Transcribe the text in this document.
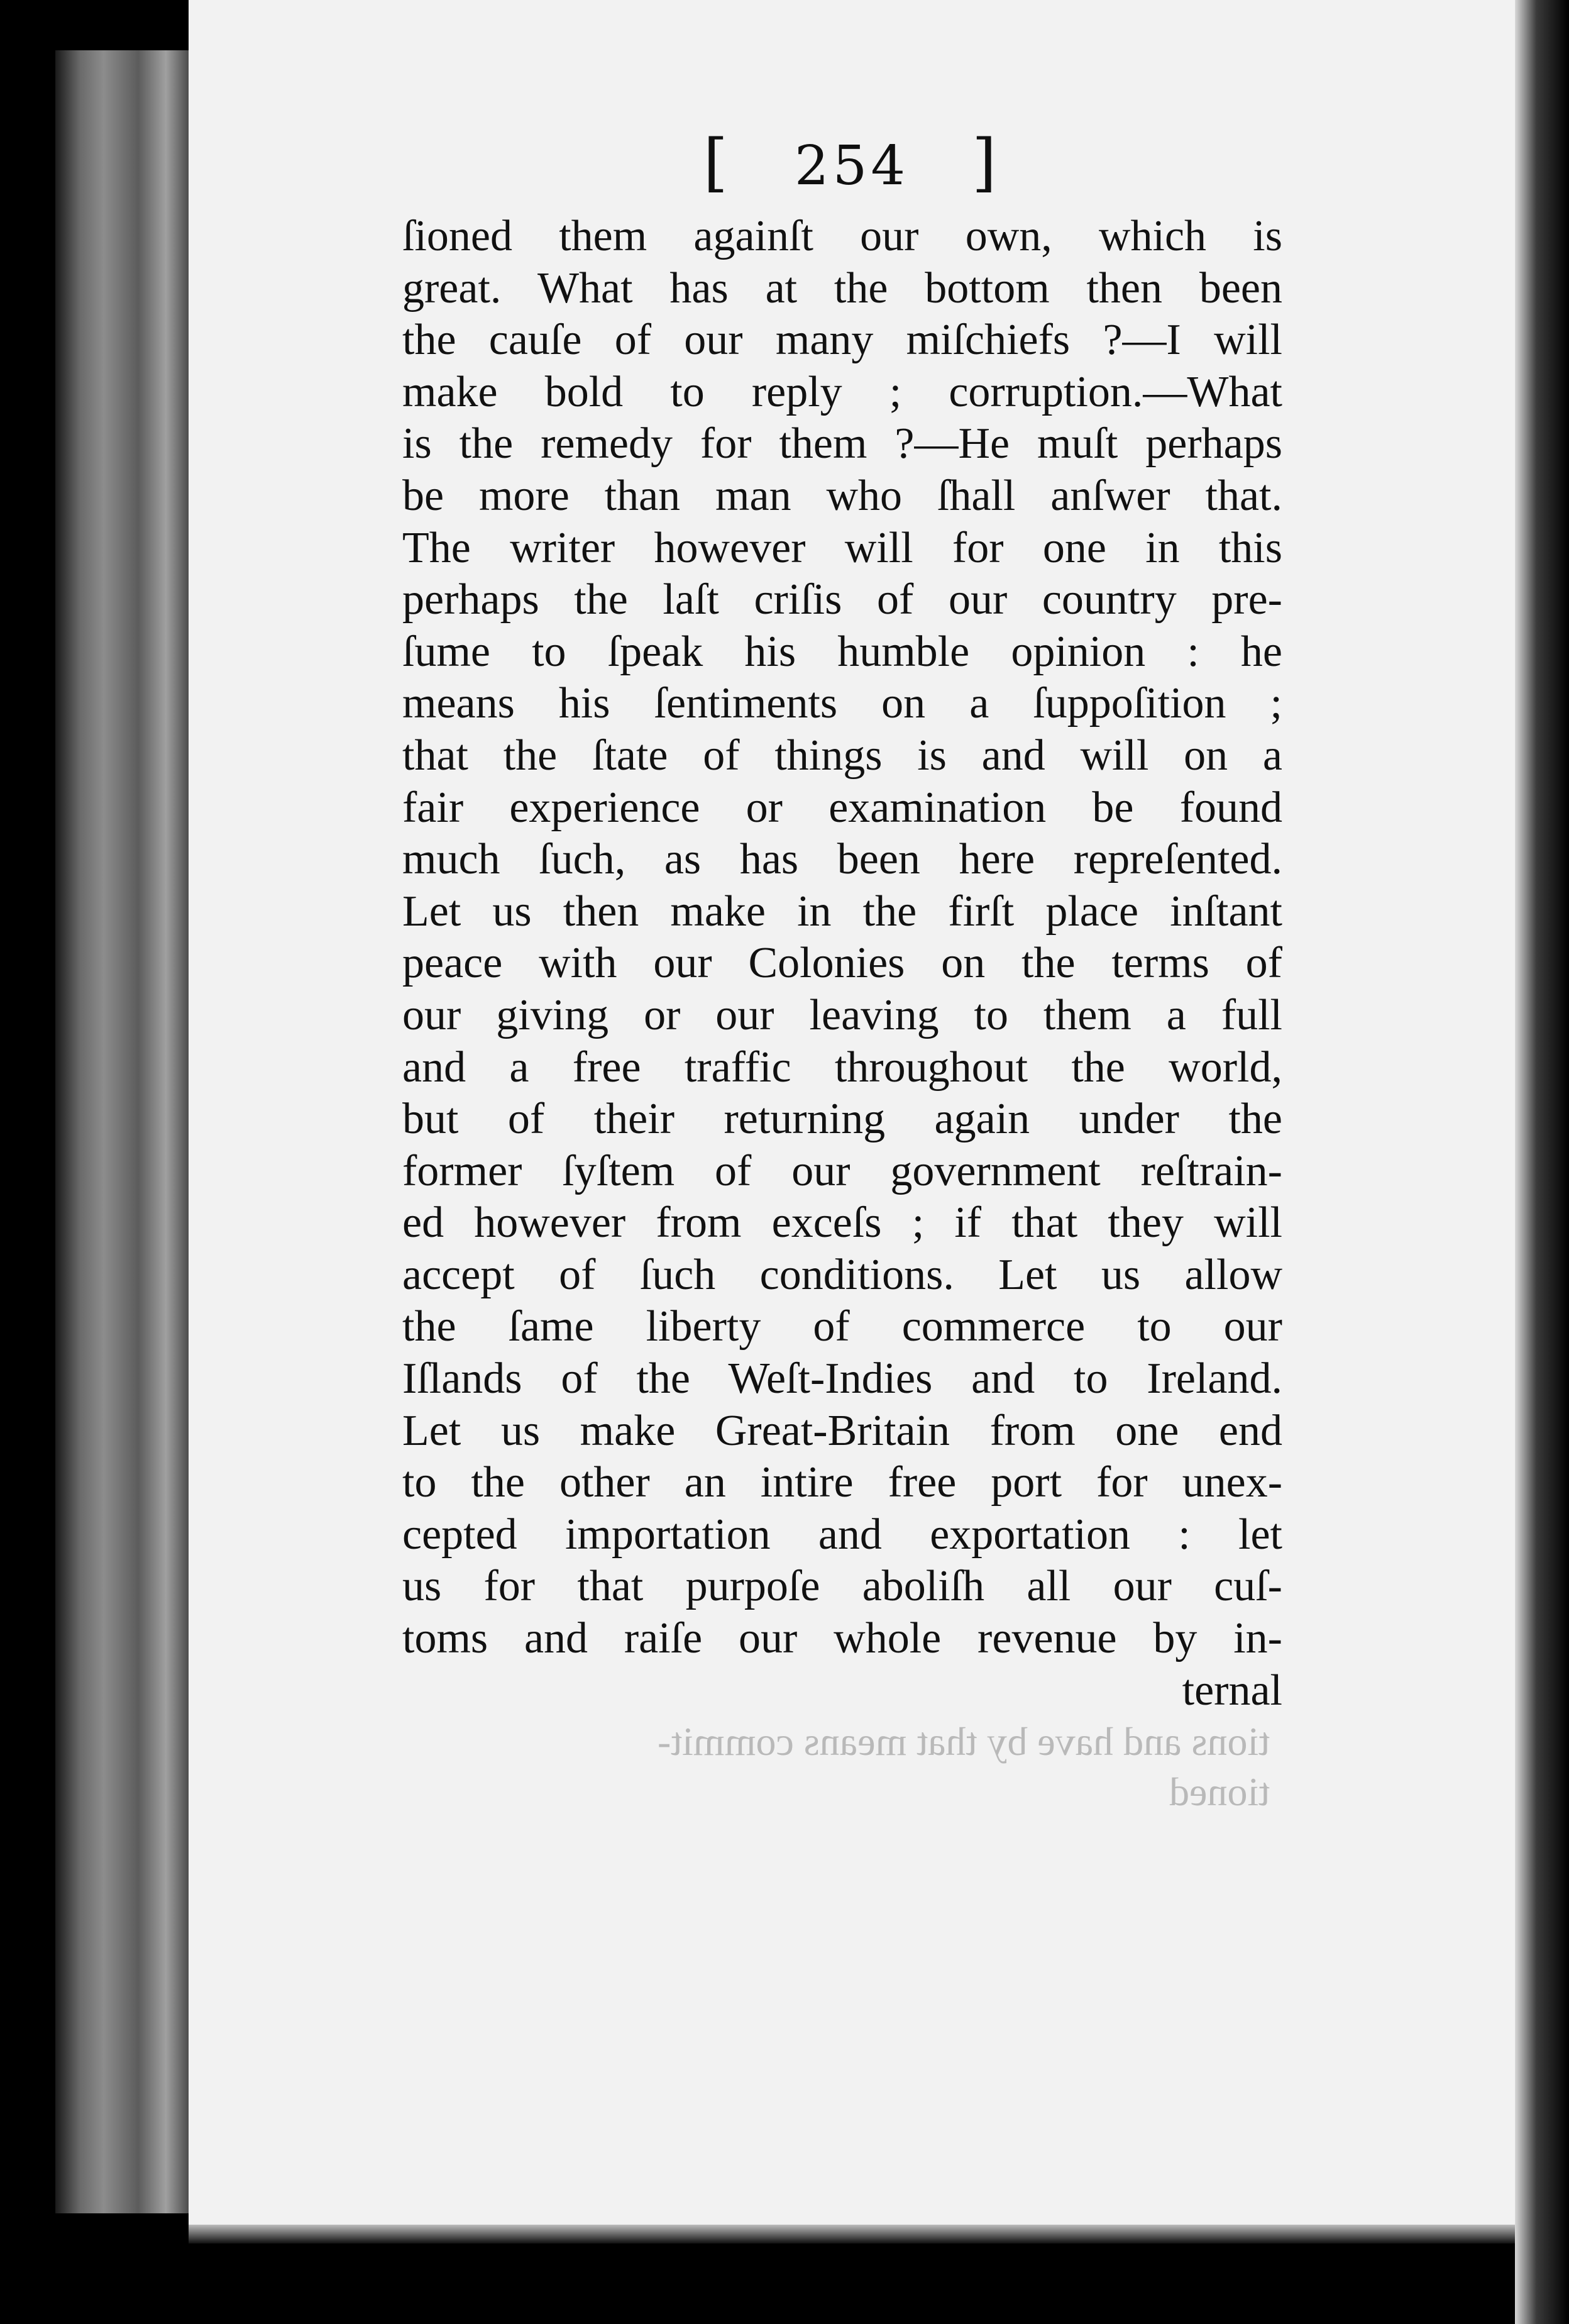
[ 254 ]
tions and have by that means commit-
tioned
ſioned them againſt our own, which is
great. What has at the bottom then been
the cauſe of our many miſchiefs ?—I will
make bold to reply ; corruption.—What
is the remedy for them ?—He muſt perhaps
be more than man who ſhall anſwer that.
The writer however will for one in this
perhaps the laſt criſis of our country pre-
ſume to ſpeak his humble opinion : he
means his ſentiments on a ſuppoſition ;
that the ſtate of things is and will on a
fair experience or examination be found
much ſuch, as has been here repreſented.
Let us then make in the firſt place inſtant
peace with our Colonies on the terms of
our giving or our leaving to them a full
and a free traffic throughout the world,
but of their returning again under the
former ſyſtem of our government reſtrain-
ed however from exceſs ; if that they will
accept of ſuch conditions. Let us allow
the ſame liberty of commerce to our
Iſlands of the Weſt-Indies and to Ireland.
Let us make Great-Britain from one end
to the other an intire free port for unex-
cepted importation and exportation : let
us for that purpoſe aboliſh all our cuſ-
toms and raiſe our whole revenue by in-
ternal
